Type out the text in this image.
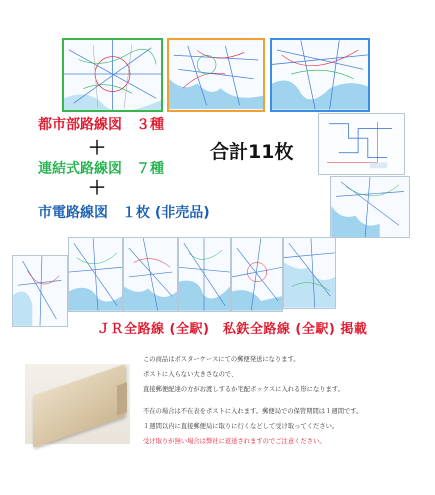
都市部路線図　３種
＋
連結式路線図　７種
＋
市電路線図　１枚 (非売品)
合計11枚
ＪＲ全路線 (全駅)　私鉄全路線 (全駅) 掲載
この商品はポスターケースにての郵便発送になります。
ポストに入らない大きさなので、
直接郵便配達の方がお渡しするか宅配ボックスに入れる形になります。
不在の場合は不在表をポストに入れます。郵便局での保管期間は１週間です。
１週間以内に直接郵便局に取りに行くなどして受け取ってください。
受け取りが無い場合は弊社に返送されますのでご注意ください。
